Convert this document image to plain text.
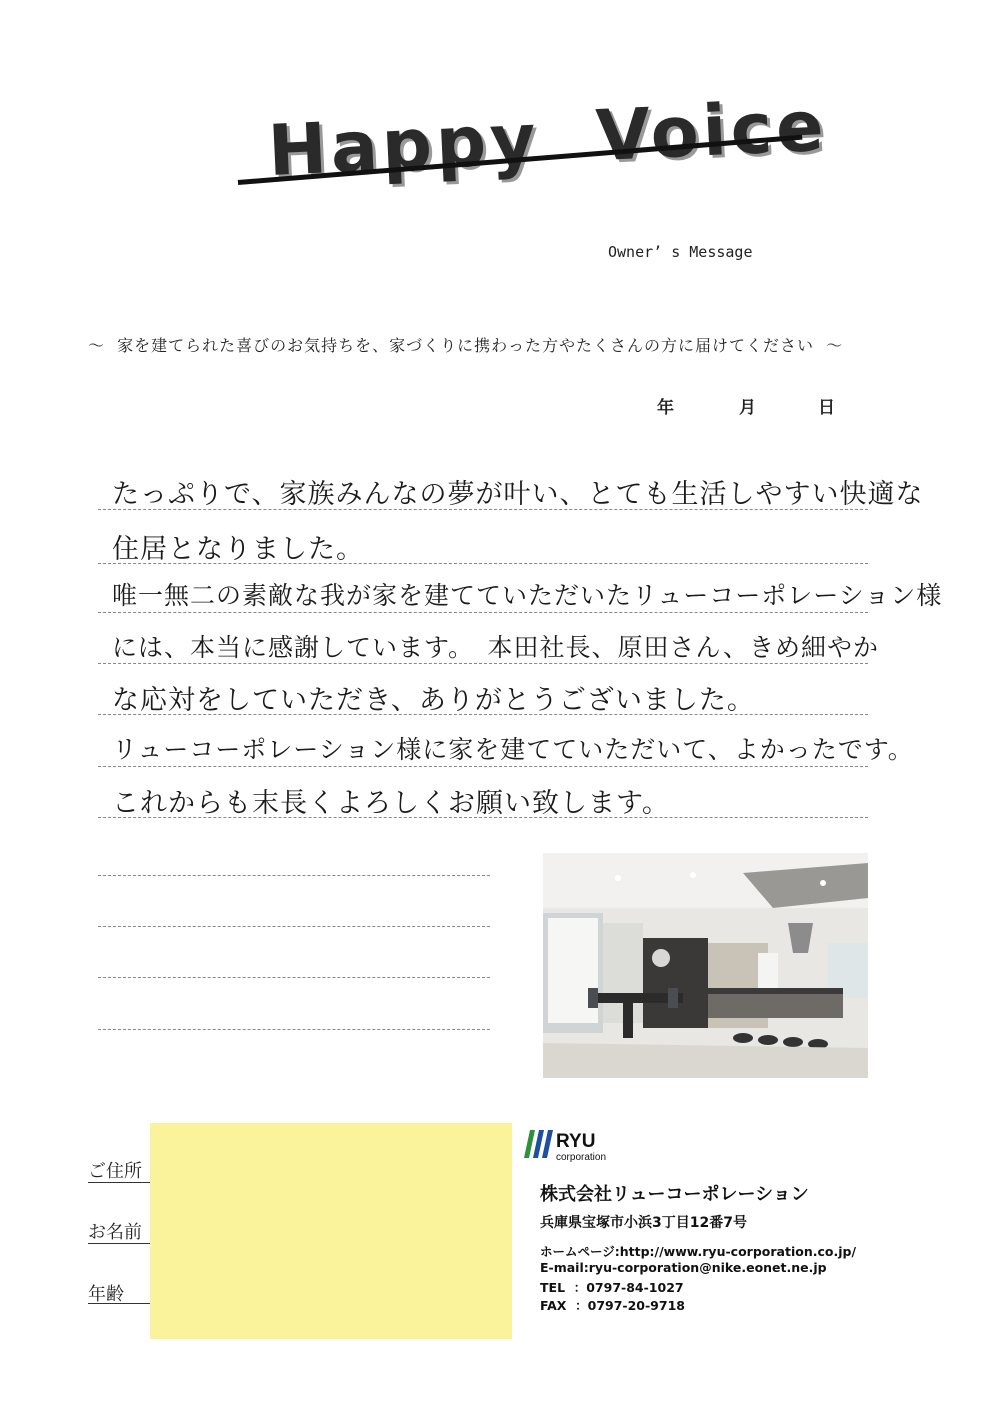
Happy  Voice
Owner’ s Message
～  家を建てられた喜びのお気持ちを、家づくりに携わった方やたくさんの方に届けてください  ～
年	月	日
たっぷりで、家族みんなの夢が叶い、とても生活しやすい快適な
住居となりました。
唯一無二の素敵な我が家を建てていただいたリューコーポレーション様
には、本当に感謝しています。　本田社長、原田さん、きめ細やか
な応対をしていただき、ありがとうございました。
リューコーポレーション様に家を建てていただいて、よかったです。
これからも末長くよろしくお願い致します。
ご住所
お名前
年齢
RYU
corporation
株式会社リューコーポレーション
兵庫県宝塚市小浜3丁目12番7号
ホームページ:http://www.ryu-corporation.co.jp/
E-mail:ryu-corporation@nike.eonet.ne.jp
TEL  ：0797-84-1027
FAX  ：0797-20-9718
